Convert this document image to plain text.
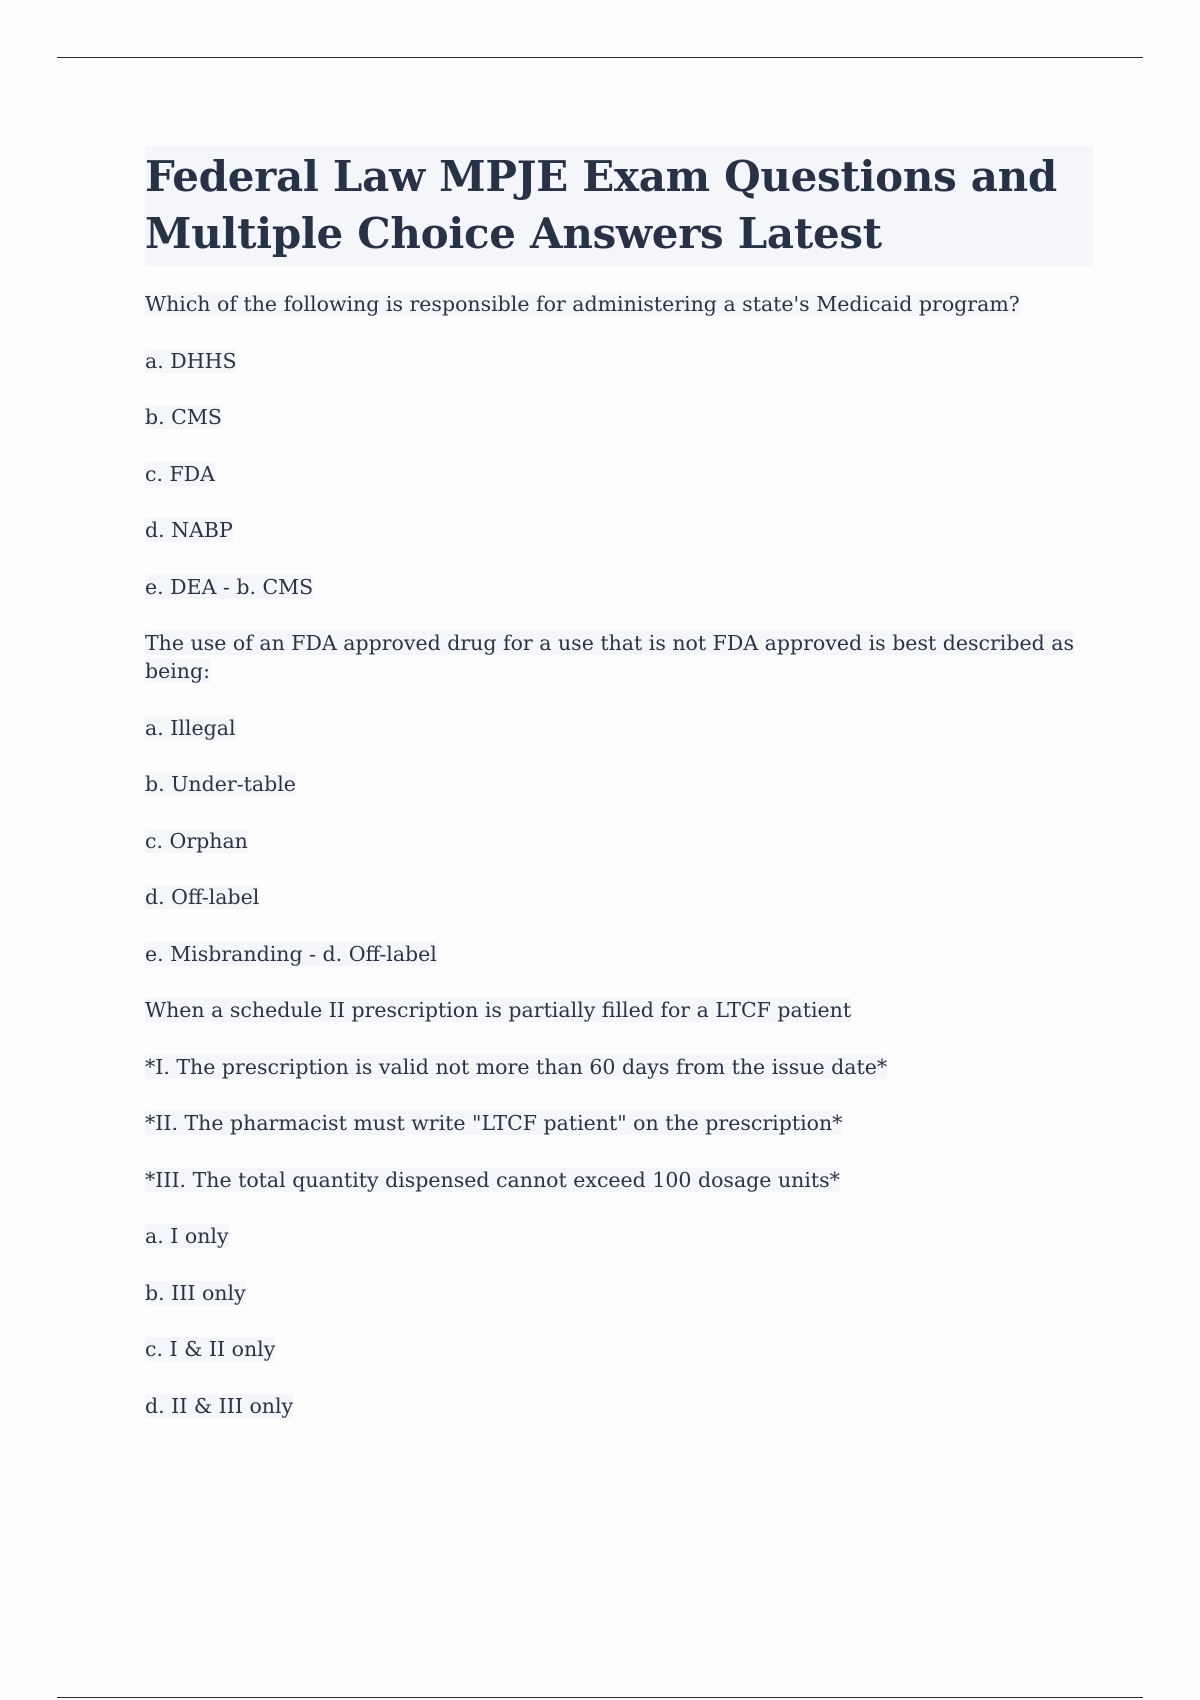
Federal Law MPJE Exam Questions and
Multiple Choice Answers Latest

Which of the following is responsible for administering a state's Medicaid program?

a. DHHS

b. CMS

c. FDA

d. NABP

e. DEA - b. CMS

The use of an FDA approved drug for a use that is not FDA approved is best described as being:

a. Illegal

b. Under-table

c. Orphan

d. Off-label

e. Misbranding - d. Off-label

When a schedule II prescription is partially filled for a LTCF patient

*I. The prescription is valid not more than 60 days from the issue date*

*II. The pharmacist must write "LTCF patient" on the prescription*

*III. The total quantity dispensed cannot exceed 100 dosage units*

a. I only

b. III only

c. I & II only

d. II & III only
